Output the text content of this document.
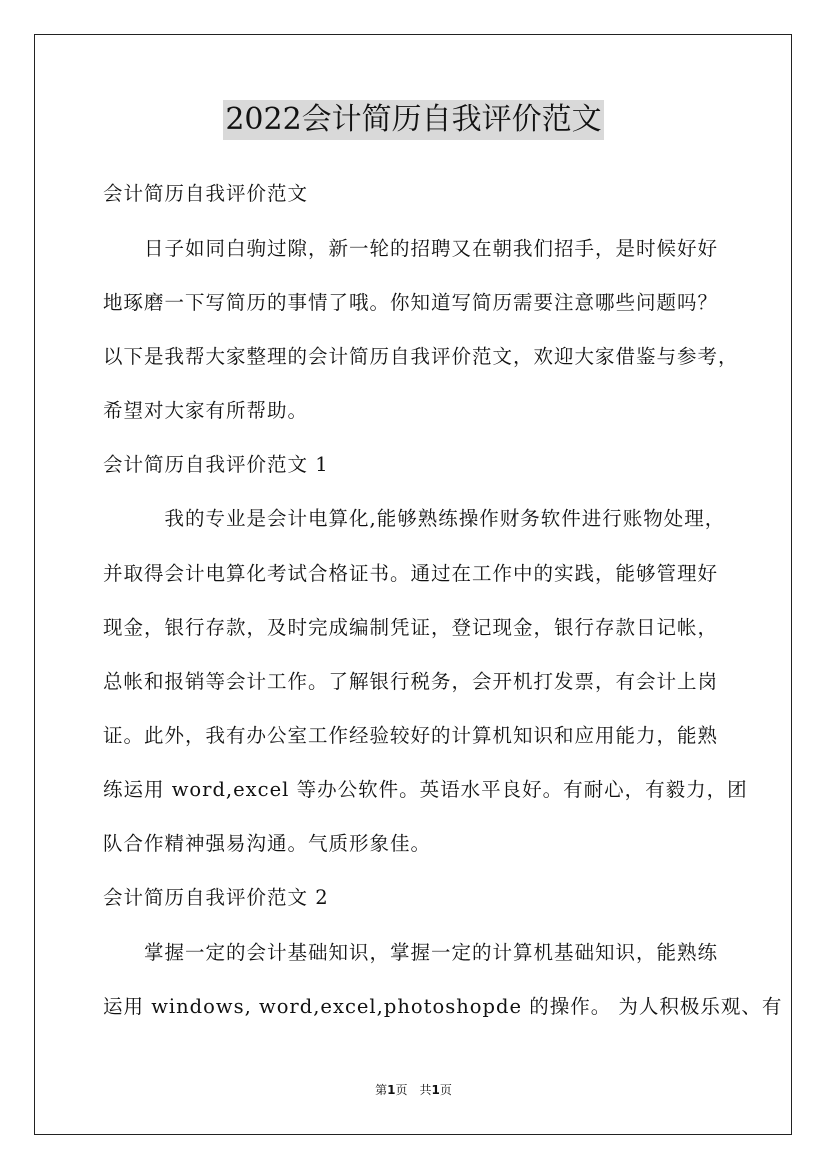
2022会计简历自我评价范文
会计简历自我评价范文
　　日子如同白驹过隙，新一轮的招聘又在朝我们招手，是时候好好
地琢磨一下写简历的事情了哦。你知道写简历需要注意哪些问题吗？
以下是我帮大家整理的会计简历自我评价范文，欢迎大家借鉴与参考，
希望对大家有所帮助。
会计简历自我评价范文 1
　　　我的专业是会计电算化,能够熟练操作财务软件进行账物处理，
并取得会计电算化考试合格证书。通过在工作中的实践，能够管理好
现金，银行存款，及时完成编制凭证，登记现金，银行存款日记帐，
总帐和报销等会计工作。了解银行税务，会开机打发票，有会计上岗
证。此外，我有办公室工作经验较好的计算机知识和应用能力，能熟
练运用 word,excel 等办公软件。英语水平良好。有耐心，有毅力，团
队合作精神强易沟通。气质形象佳。
会计简历自我评价范文 2
　　掌握一定的会计基础知识，掌握一定的计算机基础知识，能熟练
运用 windows, word,excel,photoshopde 的操作。 为人积极乐观、有
第1页　共1页
